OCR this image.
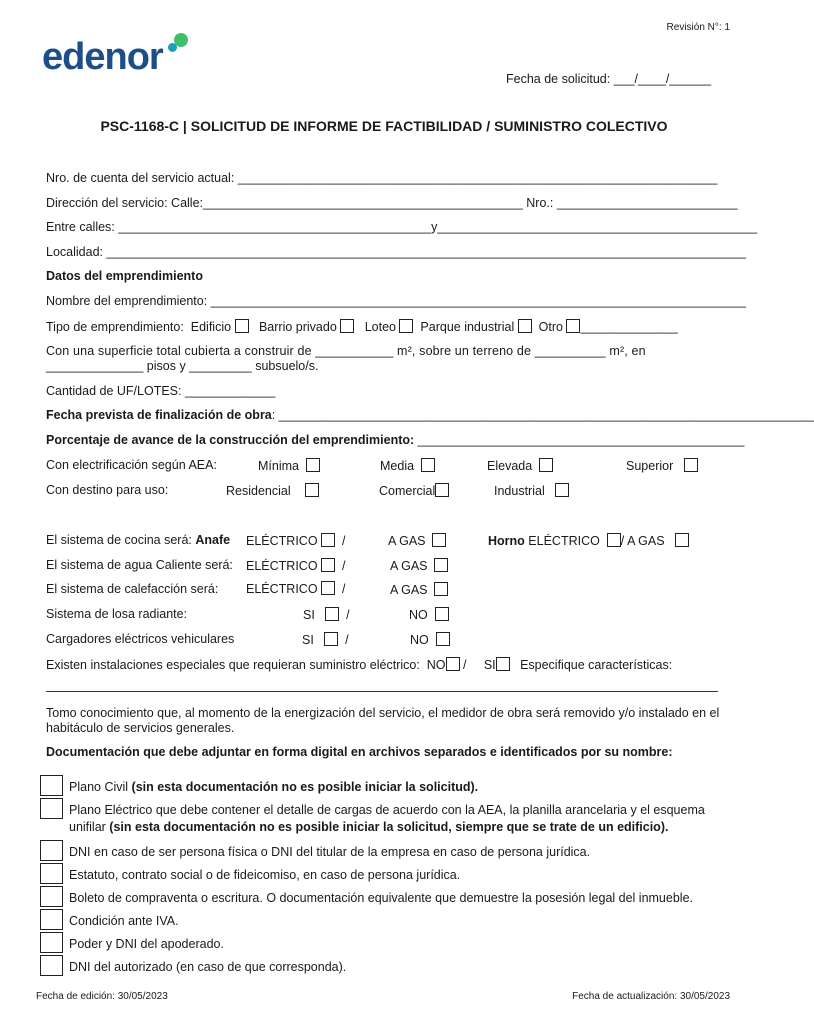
edenor
Revisión N°: 1
Fecha de solicitud: ___/____/______
PSC-1168-C | SOLICITUD DE INFORME DE FACTIBILIDAD / SUMINISTRO COLECTIVO
Nro. de cuenta del servicio actual: _____________________________________________________________________
Dirección del servicio: Calle:______________________________________________ Nro.: __________________________
Entre calles: _____________________________________________y______________________________________________
Localidad: ____________________________________________________________________________________________
Datos del emprendimiento
Nombre del emprendimiento: _____________________________________________________________________________
Tipo de emprendimiento: Edificio Barrio privado Loteo Parque industrial Otro ______________
Con una superficie total cubierta a construir de ___________ m², sobre un terreno de __________ m², en
______________ pisos y _________ subsuelo/s.
Cantidad de UF/LOTES: _____________
Fecha prevista de finalización de obra: _____________________________________________________________________________
Porcentaje de avance de la construcción del emprendimiento: _______________________________________________
Con electrificación según AEA:	Mínima	Media	Elevada	Superior
Con destino para uso:	Residencial	Comercial	Industrial
El sistema de cocina será: Anafe ELÉCTRICO   /	A GAS	Horno ELÉCTRICO / A GAS
El sistema de agua Caliente será: ELÉCTRICO   /	A GAS
El sistema de calefacción será: ELÉCTRICO   /	A GAS
Sistema de losa radiante:	SI     /	NO
Cargadores eléctricos vehiculares	SI     /	NO
Existen instalaciones especiales que requieran suministro eléctrico: NO /     SI Especifique características:
Tomo conocimiento que, al momento de la energización del servicio, el medidor de obra será removido y/o instalado en el habitáculo de servicios generales.
Documentación que debe adjuntar en forma digital en archivos separados e identificados por su nombre:
Plano Civil (sin esta documentación no es posible iniciar la solicitud).
Plano Eléctrico que debe contener el detalle de cargas de acuerdo con la AEA, la planilla arancelaria y el esquema unifilar (sin esta documentación no es posible iniciar la solicitud, siempre que se trate de un edificio).
DNI en caso de ser persona física o DNI del titular de la empresa en caso de persona jurídica.
Estatuto, contrato social o de fideicomiso, en caso de persona jurídica.
Boleto de compraventa o escritura. O documentación equivalente que demuestre la posesión legal del inmueble.
Condición ante IVA.
Poder y DNI del apoderado.
DNI del autorizado (en caso de que corresponda).
Fecha de edición: 30/05/2023	Fecha de actualización: 30/05/2023
